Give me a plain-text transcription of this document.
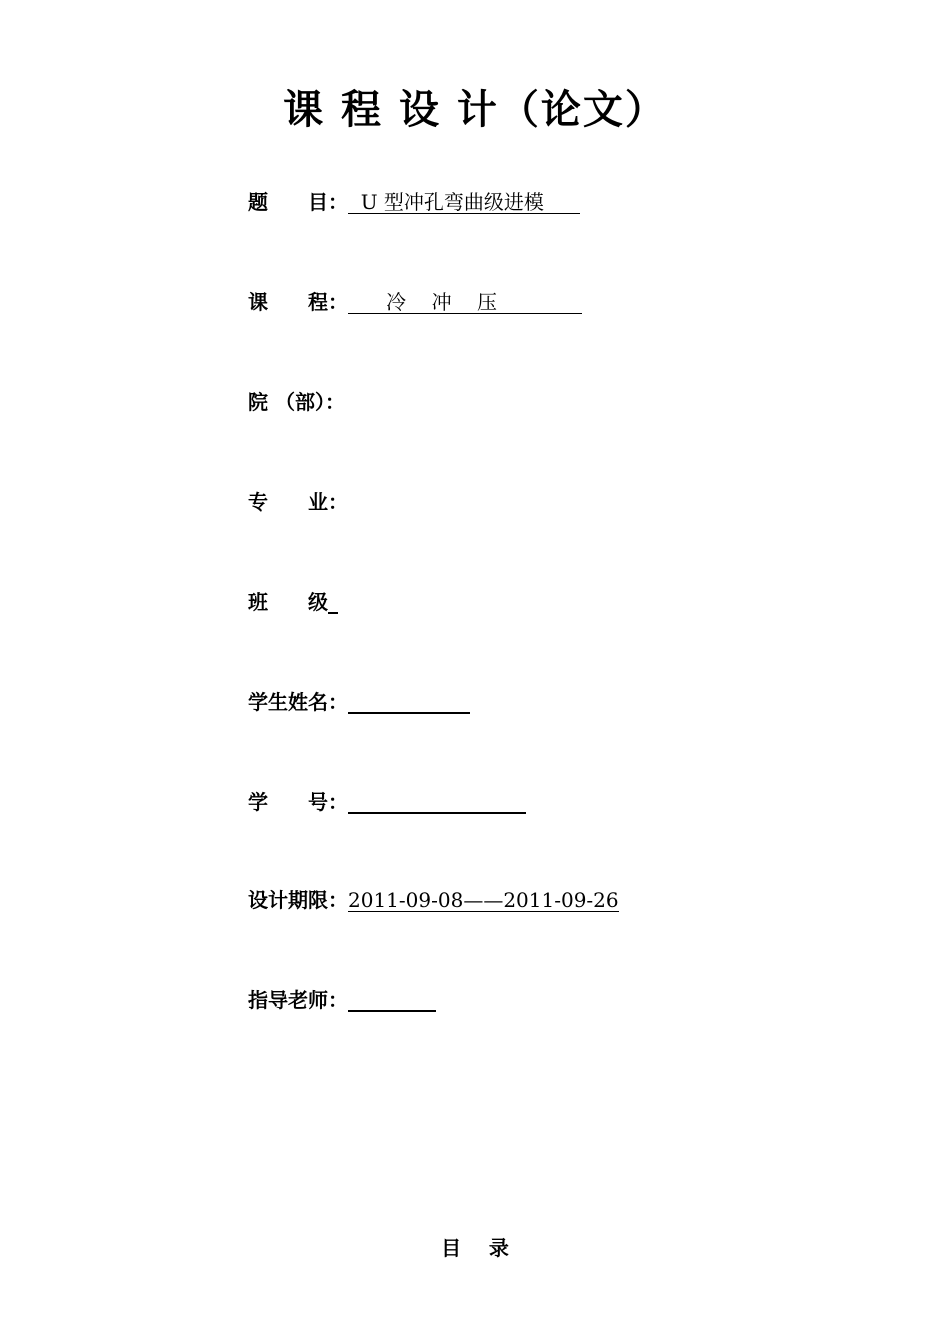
课 程 设 计（论文）
题　　目： U 型冲孔弯曲级进模
课　　程： 冷    冲    压
院 （部）：
专　　业：
班　　级
学生姓名：
学　　号：
设计期限： 2011-09-08——2011-09-26
指导老师：
目    录
